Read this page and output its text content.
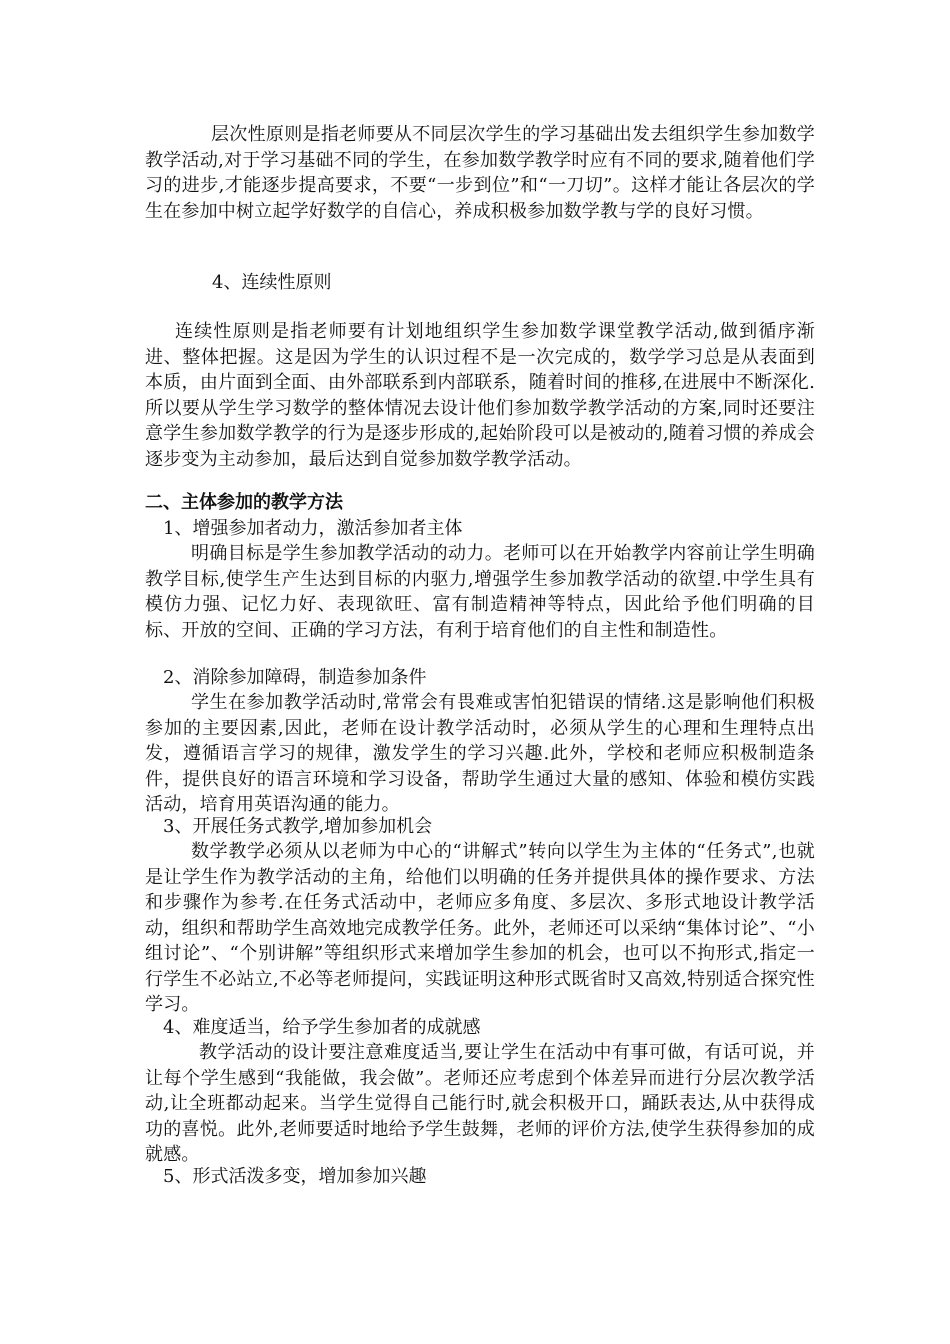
层次性原则是指老师要从不同层次学生的学习基础出发去组织学生参加数学教学活动,对于学习基础不同的学生，在参加数学教学时应有不同的要求,随着他们学习的进步,才能逐步提高要求，不要“一步到位”和“一刀切”。这样才能让各层次的学生在参加中树立起学好数学的自信心，养成积极参加数学教与学的良好习惯。

4、连续性原则

连续性原则是指老师要有计划地组织学生参加数学课堂教学活动,做到循序渐进、整体把握。这是因为学生的认识过程不是一次完成的，数学学习总是从表面到本质，由片面到全面、由外部联系到内部联系，随着时间的推移,在进展中不断深化.所以要从学生学习数学的整体情况去设计他们参加数学教学活动的方案,同时还要注意学生参加数学教学的行为是逐步形成的,起始阶段可以是被动的,随着习惯的养成会逐步变为主动参加，最后达到自觉参加数学教学活动。

二、主体参加的教学方法

1、增强参加者动力，激活参加者主体

明确目标是学生参加教学活动的动力。老师可以在开始教学内容前让学生明确教学目标,使学生产生达到目标的内驱力,增强学生参加教学活动的欲望.中学生具有模仿力强、记忆力好、表现欲旺、富有制造精神等特点，因此给予他们明确的目标、开放的空间、正确的学习方法，有利于培育他们的自主性和制造性。

2、消除参加障碍，制造参加条件

学生在参加教学活动时,常常会有畏难或害怕犯错误的情绪.这是影响他们积极参加的主要因素,因此，老师在设计教学活动时，必须从学生的心理和生理特点出发，遵循语言学习的规律，激发学生的学习兴趣.此外，学校和老师应积极制造条件，提供良好的语言环境和学习设备，帮助学生通过大量的感知、体验和模仿实践活动，培育用英语沟通的能力。

3、开展任务式教学,增加参加机会

数学教学必须从以老师为中心的“讲解式”转向以学生为主体的“任务式”,也就是让学生作为教学活动的主角，给他们以明确的任务并提供具体的操作要求、方法和步骤作为参考.在任务式活动中，老师应多角度、多层次、多形式地设计教学活动，组织和帮助学生高效地完成教学任务。此外，老师还可以采纳“集体讨论”、“小组讨论”、“个别讲解”等组织形式来增加学生参加的机会，也可以不拘形式,指定一行学生不必站立,不必等老师提问，实践证明这种形式既省时又高效,特别适合探究性学习。

4、难度适当，给予学生参加者的成就感

教学活动的设计要注意难度适当,要让学生在活动中有事可做，有话可说，并让每个学生感到“我能做，我会做”。老师还应考虑到个体差异而进行分层次教学活动,让全班都动起来。当学生觉得自己能行时,就会积极开口，踊跃表达,从中获得成功的喜悦。此外,老师要适时地给予学生鼓舞，老师的评价方法,使学生获得参加的成就感。

5、形式活泼多变，增加参加兴趣
